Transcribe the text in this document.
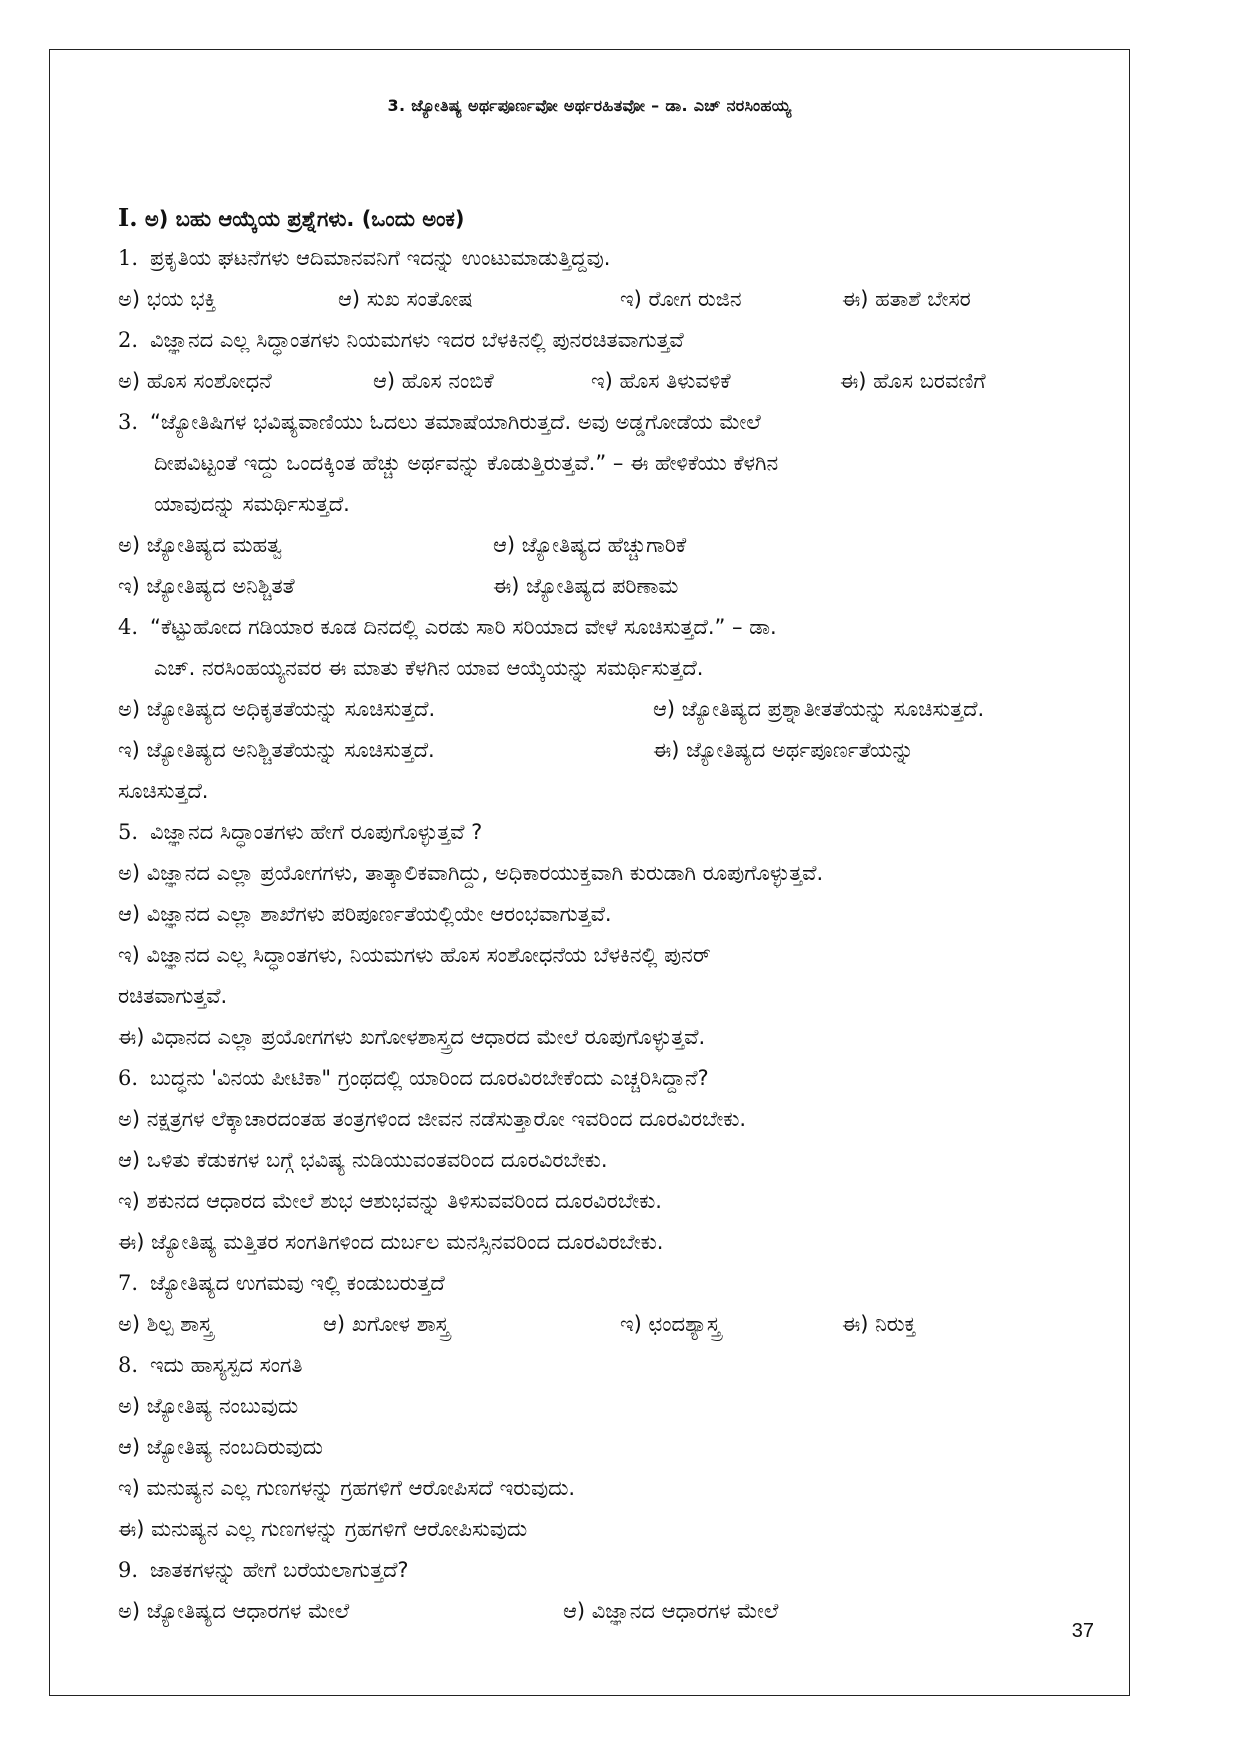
3. ಜ್ಯೋತಿಷ್ಯ ಅರ್ಥಪೂರ್ಣವೋ ಅರ್ಥರಹಿತವೋ – ಡಾ. ಎಚ್ ನರಸಿಂಹಯ್ಯ
I. ಅ) ಬಹು ಆಯ್ಕೆಯ ಪ್ರಶ್ನೆಗಳು. (ಒಂದು ಅಂಕ)
1. ಪ್ರಕೃತಿಯ ಘಟನೆಗಳು ಆದಿಮಾನವನಿಗೆ ಇದನ್ನು ಉಂಟುಮಾಡುತ್ತಿದ್ದವು.
ಅ) ಭಯ ಭಕ್ತಿ	ಆ) ಸುಖ ಸಂತೋಷ	ಇ) ರೋಗ ರುಜಿನ	ಈ) ಹತಾಶೆ ಬೇಸರ
2. ವಿಜ್ಞಾನದ ಎಲ್ಲ ಸಿದ್ಧಾಂತಗಳು ನಿಯಮಗಳು ಇದರ ಬೆಳಕಿನಲ್ಲಿ ಪುನರಚಿತವಾಗುತ್ತವೆ
ಅ) ಹೊಸ ಸಂಶೋಧನೆ	ಆ) ಹೊಸ ನಂಬಿಕೆ	ಇ) ಹೊಸ ತಿಳುವಳಿಕೆ	ಈ) ಹೊಸ ಬರವಣಿಗೆ
3. “ಜ್ಯೋತಿಷಿಗಳ ಭವಿಷ್ಯವಾಣಿಯು ಓದಲು ತಮಾಷೆಯಾಗಿರುತ್ತದೆ. ಅವು ಅಡ್ಡಗೋಡೆಯ ಮೇಲೆ
ದೀಪವಿಟ್ಟಂತೆ ಇದ್ದು ಒಂದಕ್ಕಿಂತ ಹೆಚ್ಚು ಅರ್ಥವನ್ನು ಕೊಡುತ್ತಿರುತ್ತವೆ.” – ಈ ಹೇಳಿಕೆಯು ಕೆಳಗಿನ
ಯಾವುದನ್ನು ಸಮರ್ಥಿಸುತ್ತದೆ.
ಅ) ಜ್ಯೋತಿಷ್ಯದ ಮಹತ್ವ	ಆ) ಜ್ಯೋತಿಷ್ಯದ ಹೆಚ್ಚುಗಾರಿಕೆ
ಇ) ಜ್ಯೋತಿಷ್ಯದ ಅನಿಶ್ಚಿತತೆ	ಈ) ಜ್ಯೋತಿಷ್ಯದ ಪರಿಣಾಮ
4. “ಕೆಟ್ಟುಹೋದ ಗಡಿಯಾರ ಕೂಡ ದಿನದಲ್ಲಿ ಎರಡು ಸಾರಿ ಸರಿಯಾದ ವೇಳೆ ಸೂಚಿಸುತ್ತದೆ.” – ಡಾ.
ಎಚ್. ನರಸಿಂಹಯ್ಯನವರ ಈ ಮಾತು ಕೆಳಗಿನ ಯಾವ ಆಯ್ಕೆಯನ್ನು ಸಮರ್ಥಿಸುತ್ತದೆ.
ಅ) ಜ್ಯೋತಿಷ್ಯದ ಅಧಿಕೃತತೆಯನ್ನು ಸೂಚಿಸುತ್ತದೆ.	ಆ) ಜ್ಯೋತಿಷ್ಯದ ಪ್ರಶ್ನಾತೀತತೆಯನ್ನು ಸೂಚಿಸುತ್ತದೆ.
ಇ) ಜ್ಯೋತಿಷ್ಯದ ಅನಿಶ್ಚಿತತೆಯನ್ನು ಸೂಚಿಸುತ್ತದೆ.	ಈ) ಜ್ಯೋತಿಷ್ಯದ ಅರ್ಥಪೂರ್ಣತೆಯನ್ನು
ಸೂಚಿಸುತ್ತದೆ.
5. ವಿಜ್ಞಾನದ ಸಿದ್ಧಾಂತಗಳು ಹೇಗೆ ರೂಪುಗೊಳ್ಳುತ್ತವೆ ?
ಅ) ವಿಜ್ಞಾನದ ಎಲ್ಲಾ ಪ್ರಯೋಗಗಳು, ತಾತ್ಕಾಲಿಕವಾಗಿದ್ದು, ಅಧಿಕಾರಯುಕ್ತವಾಗಿ ಕುರುಡಾಗಿ ರೂಪುಗೊಳ್ಳುತ್ತವೆ.
ಆ) ವಿಜ್ಞಾನದ ಎಲ್ಲಾ ಶಾಖೆಗಳು ಪರಿಪೂರ್ಣತೆಯಲ್ಲಿಯೇ ಆರಂಭವಾಗುತ್ತವೆ.
ಇ) ವಿಜ್ಞಾನದ ಎಲ್ಲ ಸಿದ್ಧಾಂತಗಳು, ನಿಯಮಗಳು ಹೊಸ ಸಂಶೋಧನೆಯ ಬೆಳಕಿನಲ್ಲಿ ಪುನರ್
ರಚಿತವಾಗುತ್ತವೆ.
ಈ) ವಿಧಾನದ ಎಲ್ಲಾ ಪ್ರಯೋಗಗಳು ಖಗೋಳಶಾಸ್ತ್ರದ ಆಧಾರದ ಮೇಲೆ ರೂಪುಗೊಳ್ಳುತ್ತವೆ.
6. ಬುದ್ಧನು 'ವಿನಯ ಪೀಟಿಕಾ" ಗ್ರಂಥದಲ್ಲಿ ಯಾರಿಂದ ದೂರವಿರಬೇಕೆಂದು ಎಚ್ಚರಿಸಿದ್ದಾನೆ?
ಅ) ನಕ್ಷತ್ರಗಳ ಲೆಕ್ಕಾಚಾರದಂತಹ ತಂತ್ರಗಳಿಂದ ಜೀವನ ನಡೆಸುತ್ತಾರೋ ಇವರಿಂದ ದೂರವಿರಬೇಕು.
ಆ) ಒಳಿತು ಕೆಡುಕಗಳ ಬಗ್ಗೆ ಭವಿಷ್ಯ ನುಡಿಯುವಂತವರಿಂದ ದೂರವಿರಬೇಕು.
ಇ) ಶಕುನದ ಆಧಾರದ ಮೇಲೆ ಶುಭ ಆಶುಭವನ್ನು ತಿಳಿಸುವವರಿಂದ ದೂರವಿರಬೇಕು.
ಈ) ಜ್ಯೋತಿಷ್ಯ ಮತ್ತಿತರ ಸಂಗತಿಗಳಿಂದ ದುರ್ಬಲ ಮನಸ್ಸಿನವರಿಂದ ದೂರವಿರಬೇಕು.
7. ಜ್ಯೋತಿಷ್ಯದ ಉಗಮವು ಇಲ್ಲಿ ಕಂಡುಬರುತ್ತದೆ
ಅ) ಶಿಲ್ಪ ಶಾಸ್ತ್ರ	ಆ) ಖಗೋಳ ಶಾಸ್ತ್ರ	ಇ) ಛಂದಶ್ಯಾಸ್ತ್ರ	ಈ) ನಿರುಕ್ತ
8. ಇದು ಹಾಸ್ಯಸ್ಪದ ಸಂಗತಿ
ಅ) ಜ್ಯೋತಿಷ್ಯ ನಂಬುವುದು
ಆ) ಜ್ಯೋತಿಷ್ಯ ನಂಬದಿರುವುದು
ಇ) ಮನುಷ್ಯನ ಎಲ್ಲ ಗುಣಗಳನ್ನು ಗ್ರಹಗಳಿಗೆ ಆರೋಪಿಸದೆ ಇರುವುದು.
ಈ) ಮನುಷ್ಯನ ಎಲ್ಲ ಗುಣಗಳನ್ನು ಗ್ರಹಗಳಿಗೆ ಆರೋಪಿಸುವುದು
9. ಜಾತಕಗಳನ್ನು ಹೇಗೆ ಬರೆಯಲಾಗುತ್ತದೆ?
ಅ) ಜ್ಯೋತಿಷ್ಯದ ಆಧಾರಗಳ ಮೇಲೆ	ಆ) ವಿಜ್ಞಾನದ ಆಧಾರಗಳ ಮೇಲೆ
37
